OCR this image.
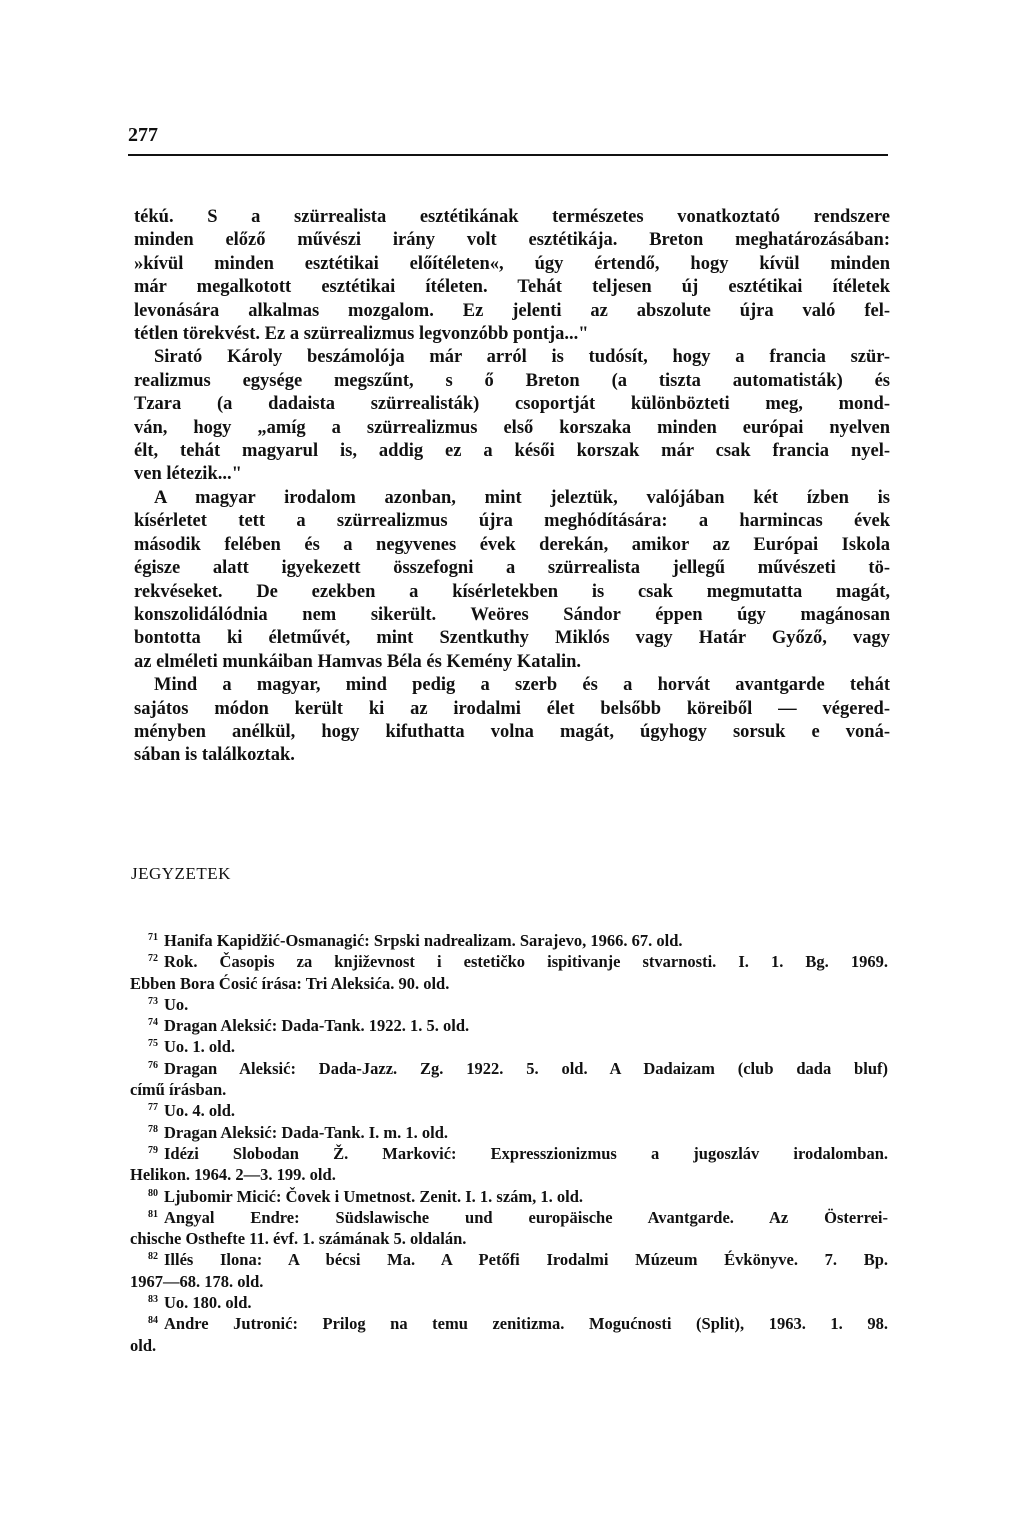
277
tékú. S a szürrealista esztétikának természetes vonatkoztató rendszere
minden előző művészi irány volt esztétikája. Breton meghatározásában:
»kívül minden esztétikai előítéleten«, úgy értendő, hogy kívül minden
már megalkotott esztétikai ítéleten. Tehát teljesen új esztétikai ítéletek
levonására alkalmas mozgalom. Ez jelenti az abszolute újra való fel-
tétlen törekvést. Ez a szürrealizmus legvonzóbb pontja..."
Sirató Károly beszámolója már arról is tudósít, hogy a francia szür-
realizmus egysége megszűnt, s ő Breton (a tiszta automatisták) és
Tzara (a dadaista szürrealisták) csoportját különbözteti meg, mond-
ván, hogy „amíg a szürrealizmus első korszaka minden európai nyelven
élt, tehát magyarul is, addig ez a késői korszak már csak francia nyel-
ven létezik..."
A magyar irodalom azonban, mint jeleztük, valójában két ízben is
kísérletet tett a szürrealizmus újra meghódítására: a harmincas évek
második felében és a negyvenes évek derekán, amikor az Európai Iskola
égisze alatt igyekezett összefogni a szürrealista jellegű művészeti tö-
rekvéseket. De ezekben a kísérletekben is csak megmutatta magát,
konszolidálódnia nem sikerült. Weöres Sándor éppen úgy magánosan
bontotta ki életművét, mint Szentkuthy Miklós vagy Határ Győző, vagy
az elméleti munkáiban Hamvas Béla és Kemény Katalin.
Mind a magyar, mind pedig a szerb és a horvát avantgarde tehát
sajátos módon került ki az irodalmi élet belsőbb köreiből — végered-
ményben anélkül, hogy kifuthatta volna magát, úgyhogy sorsuk e voná-
sában is találkoztak.
JEGYZETEK
$^{71}$ Hanifa Kapidžić-Osmanagić: Srpski nadrealizam. Sarajevo, 1966. 67. old.
$^{72}$ Rok. Časopis za književnost i estetičko ispitivanje stvarnosti. I. 1. Bg. 1969.
Ebben Bora Ćosić írása: Tri Aleksića. 90. old.
$^{73}$ Uo.
$^{74}$ Dragan Aleksić: Dada-Tank. 1922. 1. 5. old.
$^{75}$ Uo. 1. old.
$^{76}$ Dragan Aleksić: Dada-Jazz. Zg. 1922. 5. old. A Dadaizam (club dada bluf)
című írásban.
$^{77}$ Uo. 4. old.
$^{78}$ Dragan Aleksić: Dada-Tank. I. m. 1. old.
$^{79}$ Idézi Slobodan Ž. Marković: Expresszionizmus a jugoszláv irodalomban.
Helikon. 1964. 2—3. 199. old.
$^{80}$ Ljubomir Micić: Čovek i Umetnost. Zenit. I. 1. szám, 1. old.
$^{81}$ Angyal Endre: Südslawische und europäische Avantgarde. Az Österrei-
chische Osthefte 11. évf. 1. számának 5. oldalán.
$^{82}$ Illés Ilona: A bécsi Ma. A Petőfi Irodalmi Múzeum Évkönyve. 7. Bp.
1967—68. 178. old.
$^{83}$ Uo. 180. old.
$^{84}$ Andre Jutronić: Prilog na temu zenitizma. Mogućnosti (Split), 1963. 1. 98.
old.
